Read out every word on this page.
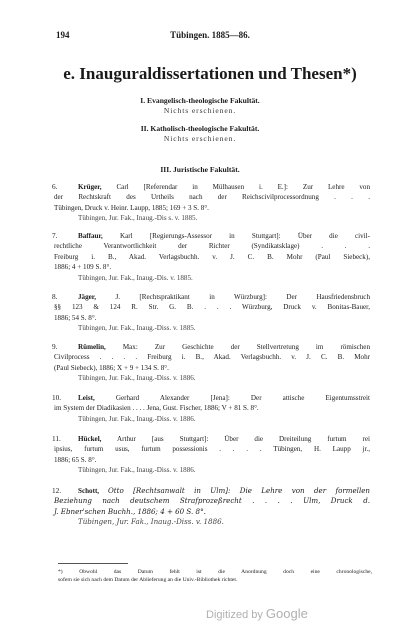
194	Tübingen. 1885—86.
e. Inauguraldissertationen und Thesen*)
I. Evangelisch-theologische Fakultät.
Nichts erschienen.
II. Katholisch-theologische Fakultät.
Nichts erschienen.
III. Juristische Fakultät.
6.	Krüger, Carl [Referendar in Mülhausen i. E.]: Zur Lehre von
der Rechtskraft des Urtheils nach der Reichscivilprocessordnung . . .
Tübingen, Druck v. Heinr. Laupp, 1885; 169 + 3 S. 8°.
Tübingen, Jur. Fak., Inaug.-Dis s. v. 1885.
7.	Baffaur, Karl [Regierungs-Assessor in Stuttgart]: Über die civil-
rechtliche Verantwortlichkeit der Richter (Syndikatsklage) . . .
Freiburg i. B., Akad. Verlagsbuchh. v. J. C. B. Mohr (Paul Siebeck),
1886; 4 + 109 S. 8°.
Tübingen, Jur. Fak., Inaug.-Dis. v. 1885.
8.	Jäger,	J. [Rechtspraktikant in Würzburg]: Der Hausfriedensbruch
§§ 123 & 124 R. Str. G. B. . . . Würzburg, Druck v. Bonitas-Bauer,
1886; 54 S. 8°.
Tübingen, Jur. Fak., Inaug.-Diss. v. 1885.
9.	Rümelin, Max: Zur Geschichte der Stellvertretung im römischen
Civilprocess . . . . Freiburg i. B., Akad. Verlagsbuchh. v. J. C. B. Mohr
(Paul Siebeck), 1886; X + 9 + 134 S. 8°.
Tübingen, Jur. Fak., Inaug.-Diss. v. 1886.
10.	Leist,	Gerhard Alexander [Jena]: Der attische Eigentumsstreit
im System der Diadikasien . . . . Jena, Gust. Fischer, 1886; V + 81 S. 8°.
Tübingen, Jur. Fak., Inaug.-Diss. v. 1886.
11.	Hückel, Arthur [aus Stuttgart]: Über die Dreiteilung furtum rei
ipsius, furtum usus, furtum possessionis . . . . Tübingen, H. Laupp jr.,
1886; 65 S. 8°.
Tübingen, Jur. Fak., Inaug.-Diss. v. 1886.
12.	Schott, Otto [Rechtsanwalt in Ulm]: Die Lehre von der formellen
Beziehung nach deutschem Strafprozeßrecht . . . . Ulm, Druck d.
J. Ebner'schen Buchh., 1886; 4 + 60 S. 8°.
Tübingen, Jur. Fak., Inaug.-Diss. v. 1886.
*) Obwohl das Datum fehlt ist die Anordnung doch eine chronologische,
sofern sie sich nach dem Datum der Ablieferung an die Univ.-Bibliothek richtet.
Digitized by Google
